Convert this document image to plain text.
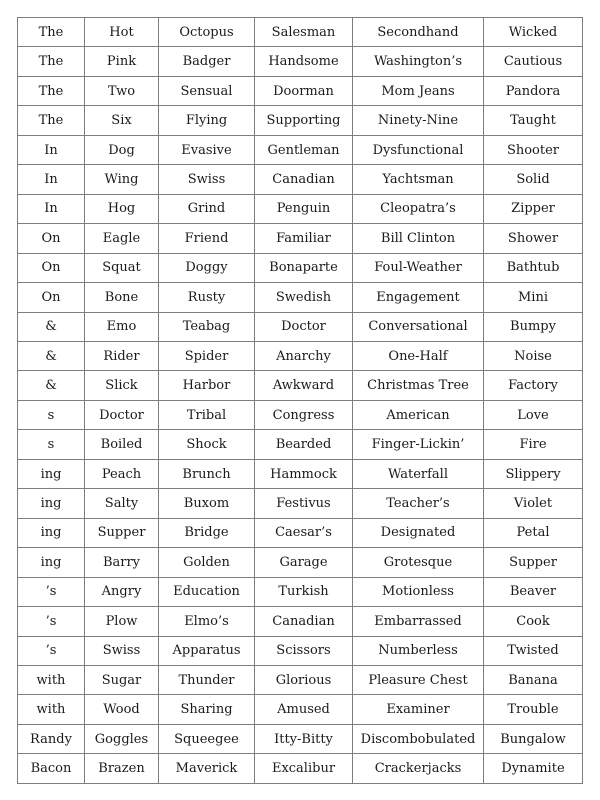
The	Hot	Octopus	Salesman	Secondhand	Wicked
The	Pink	Badger	Handsome	Washington’s	Cautious
The	Two	Sensual	Doorman	Mom Jeans	Pandora
The	Six	Flying	Supporting	Ninety-Nine	Taught
In	Dog	Evasive	Gentleman	Dysfunctional	Shooter
In	Wing	Swiss	Canadian	Yachtsman	Solid
In	Hog	Grind	Penguin	Cleopatra’s	Zipper
On	Eagle	Friend	Familiar	Bill Clinton	Shower
On	Squat	Doggy	Bonaparte	Foul-Weather	Bathtub
On	Bone	Rusty	Swedish	Engagement	Mini
&	Emo	Teabag	Doctor	Conversational	Bumpy
&	Rider	Spider	Anarchy	One-Half	Noise
&	Slick	Harbor	Awkward	Christmas Tree	Factory
s	Doctor	Tribal	Congress	American	Love
s	Boiled	Shock	Bearded	Finger-Lickin’	Fire
ing	Peach	Brunch	Hammock	Waterfall	Slippery
ing	Salty	Buxom	Festivus	Teacher’s	Violet
ing	Supper	Bridge	Caesar’s	Designated	Petal
ing	Barry	Golden	Garage	Grotesque	Supper
’s	Angry	Education	Turkish	Motionless	Beaver
’s	Plow	Elmo’s	Canadian	Embarrassed	Cook
’s	Swiss	Apparatus	Scissors	Numberless	Twisted
with	Sugar	Thunder	Glorious	Pleasure Chest	Banana
with	Wood	Sharing	Amused	Examiner	Trouble
Randy	Goggles	Squeegee	Itty-Bitty	Discombobulated	Bungalow
Bacon	Brazen	Maverick	Excalibur	Crackerjacks	Dynamite
